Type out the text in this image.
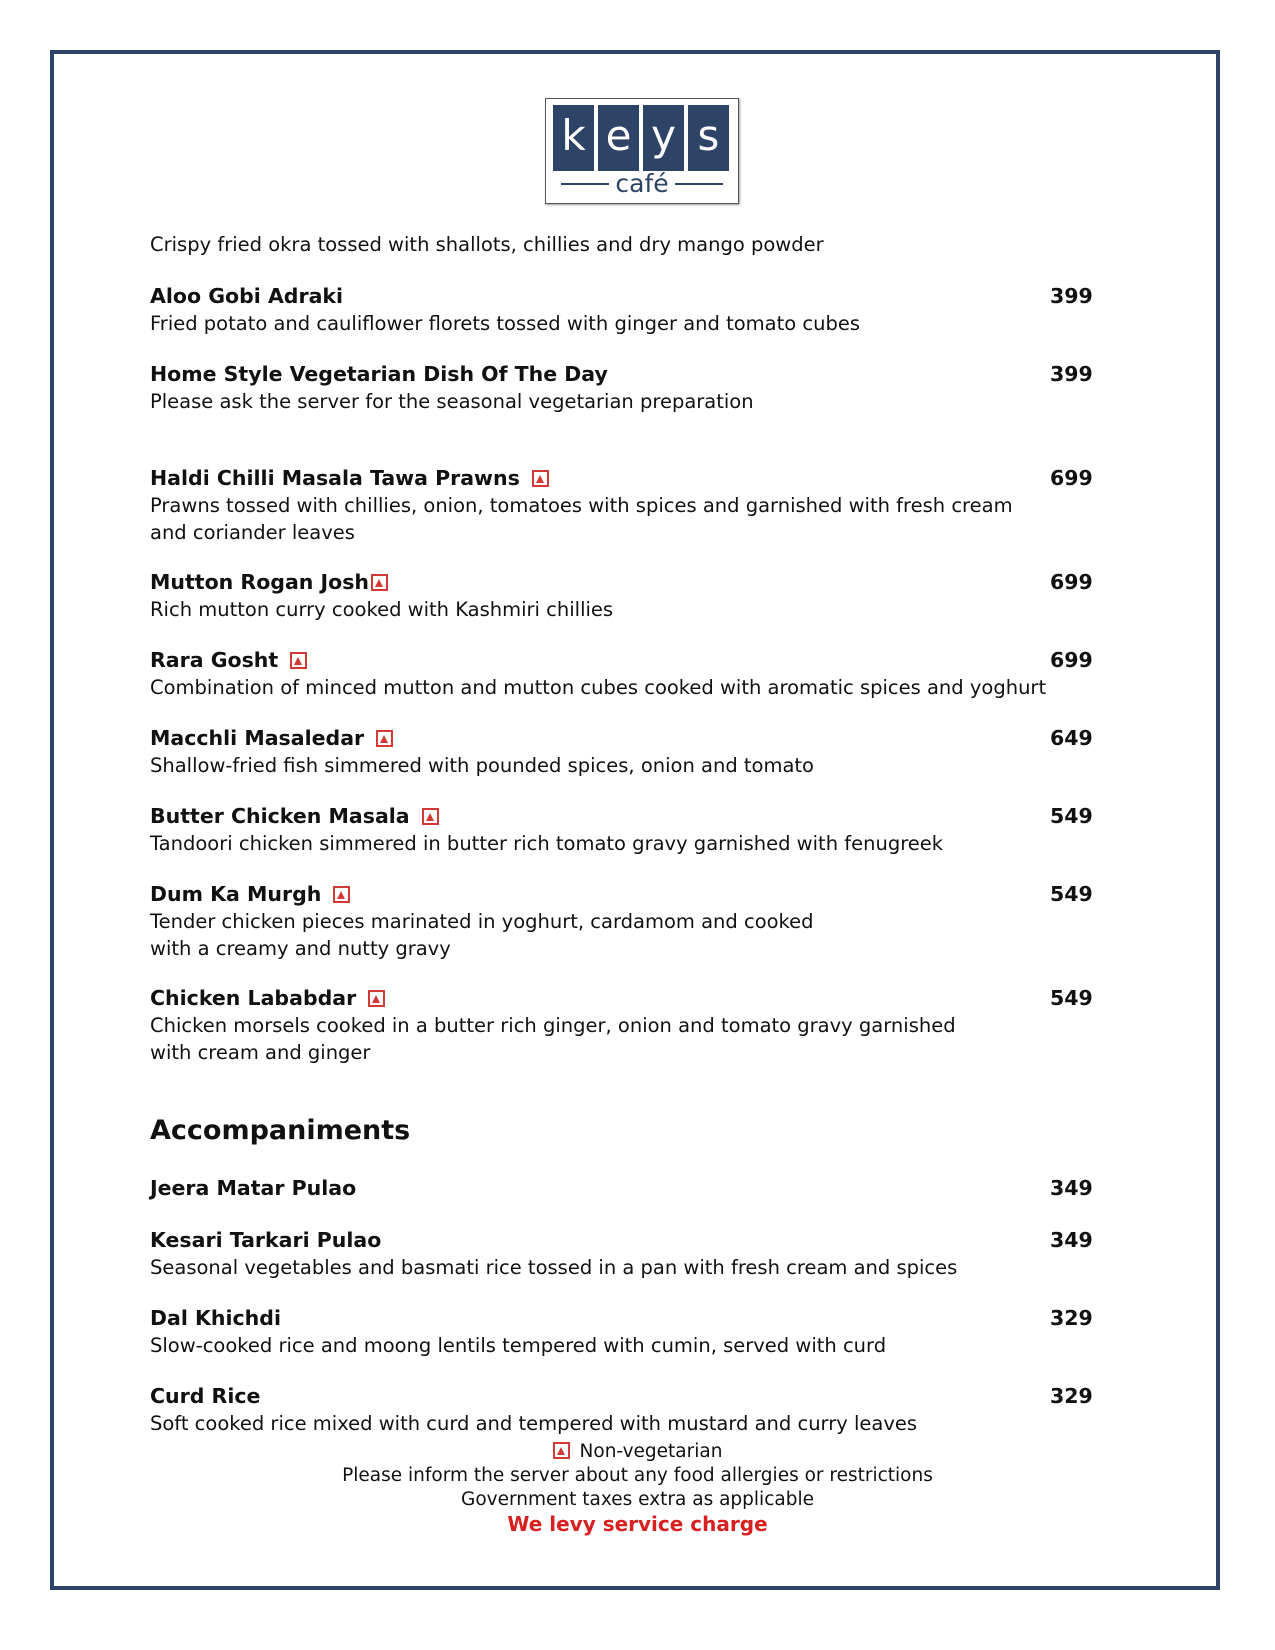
k e y s
café
Crispy fried okra tossed with shallots, chillies and dry mango powder
Aloo Gobi Adraki
Fried potato and cauliflower florets tossed with ginger and tomato cubes
399
Home Style Vegetarian Dish Of The Day
Please ask the server for the seasonal vegetarian preparation
399
Haldi Chilli Masala Tawa Prawns
Prawns tossed with chillies, onion, tomatoes with spices and garnished with fresh cream
and coriander leaves
699
Mutton Rogan Josh
Rich mutton curry cooked with Kashmiri chillies
699
Rara Gosht
Combination of minced mutton and mutton cubes cooked with aromatic spices and yoghurt
699
Macchli Masaledar
Shallow-fried fish simmered with pounded spices, onion and tomato
649
Butter Chicken Masala
Tandoori chicken simmered in butter rich tomato gravy garnished with fenugreek
549
Dum Ka Murgh
Tender chicken pieces marinated in yoghurt, cardamom and cooked
with a creamy and nutty gravy
549
Chicken Lababdar
Chicken morsels cooked in a butter rich ginger, onion and tomato gravy garnished
with cream and ginger
549
Accompaniments
Jeera Matar Pulao	349
Kesari Tarkari Pulao
Seasonal vegetables and basmati rice tossed in a pan with fresh cream and spices
349
Dal Khichdi
Slow-cooked rice and moong lentils tempered with cumin, served with curd
329
Curd Rice
Soft cooked rice mixed with curd and tempered with mustard and curry leaves
329
Non-vegetarian
Please inform the server about any food allergies or restrictions
Government taxes extra as applicable
We levy service charge
